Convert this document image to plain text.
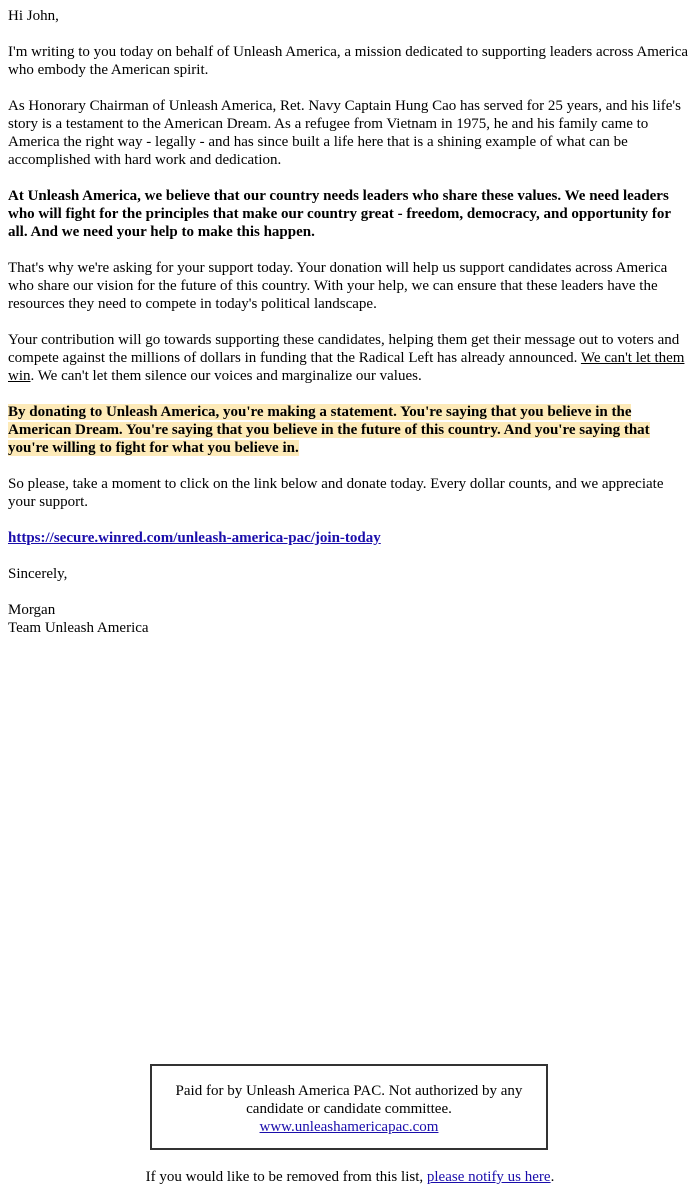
Hi John,

I'm writing to you today on behalf of Unleash America, a mission dedicated to supporting leaders across America who embody the American spirit.

As Honorary Chairman of Unleash America, Ret. Navy Captain Hung Cao has served for 25 years, and his life's story is a testament to the American Dream. As a refugee from Vietnam in 1975, he and his family came to America the right way - legally - and has since built a life here that is a shining example of what can be accomplished with hard work and dedication.

At Unleash America, we believe that our country needs leaders who share these values. We need leaders who will fight for the principles that make our country great - freedom, democracy, and opportunity for all. And we need your help to make this happen.

That's why we're asking for your support today. Your donation will help us support candidates across America who share our vision for the future of this country. With your help, we can ensure that these leaders have the resources they need to compete in today's political landscape.

Your contribution will go towards supporting these candidates, helping them get their message out to voters and compete against the millions of dollars in funding that the Radical Left has already announced. We can't let them win. We can't let them silence our voices and marginalize our values.

By donating to Unleash America, you're making a statement. You're saying that you believe in the American Dream. You're saying that you believe in the future of this country. And you're saying that you're willing to fight for what you believe in.

So please, take a moment to click on the link below and donate today. Every dollar counts, and we appreciate your support.

https://secure.winred.com/unleash-america-pac/join-today

Sincerely,

Morgan
Team Unleash America

Paid for by Unleash America PAC. Not authorized by any candidate or candidate committee. www.unleashamericapac.com
If you would like to be removed from this list, please notify us here.
